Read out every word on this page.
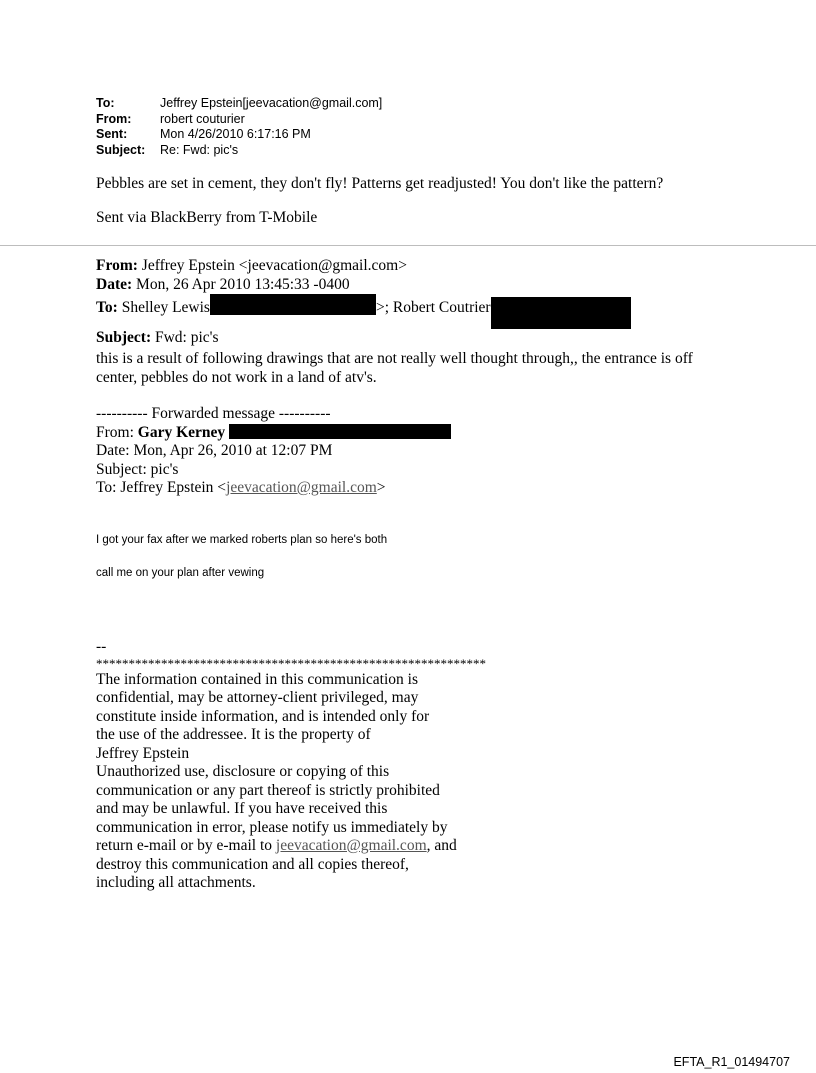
To:	Jeffrey Epstein[jeevacation@gmail.com]
From:	robert couturier
Sent:	Mon 4/26/2010 6:17:16 PM
Subject:	Re: Fwd: pic's
Pebbles are set in cement, they don't fly! Patterns get readjusted! You don't like the pattern?
Sent via BlackBerry from T-Mobile
From: Jeffrey Epstein <jeevacation@gmail.com>
Date: Mon, 26 Apr 2010 13:45:33 -0400
To: Shelley Lewis	>; Robert Coutrier
Subject: Fwd: pic's
this is a result of following drawings that are not really well thought through,, the entrance is off
center, pebbles do not work in a land of atv's.
---------- Forwarded message ----------
From: Gary Kerney
Date: Mon, Apr 26, 2010 at 12:07 PM
Subject: pic's
To: Jeffrey Epstein <jeevacation@gmail.com>
I got your fax after we marked roberts plan so here's both
call me on your plan after vewing
--
************************************************************
The information contained in this communication is
confidential, may be attorney-client privileged, may
constitute inside information, and is intended only for
the use of the addressee. It is the property of
Jeffrey Epstein
Unauthorized use, disclosure or copying of this
communication or any part thereof is strictly prohibited
and may be unlawful. If you have received this
communication in error, please notify us immediately by
return e-mail or by e-mail to jeevacation@gmail.com, and
destroy this communication and all copies thereof,
including all attachments.
EFTA_R1_01494707
